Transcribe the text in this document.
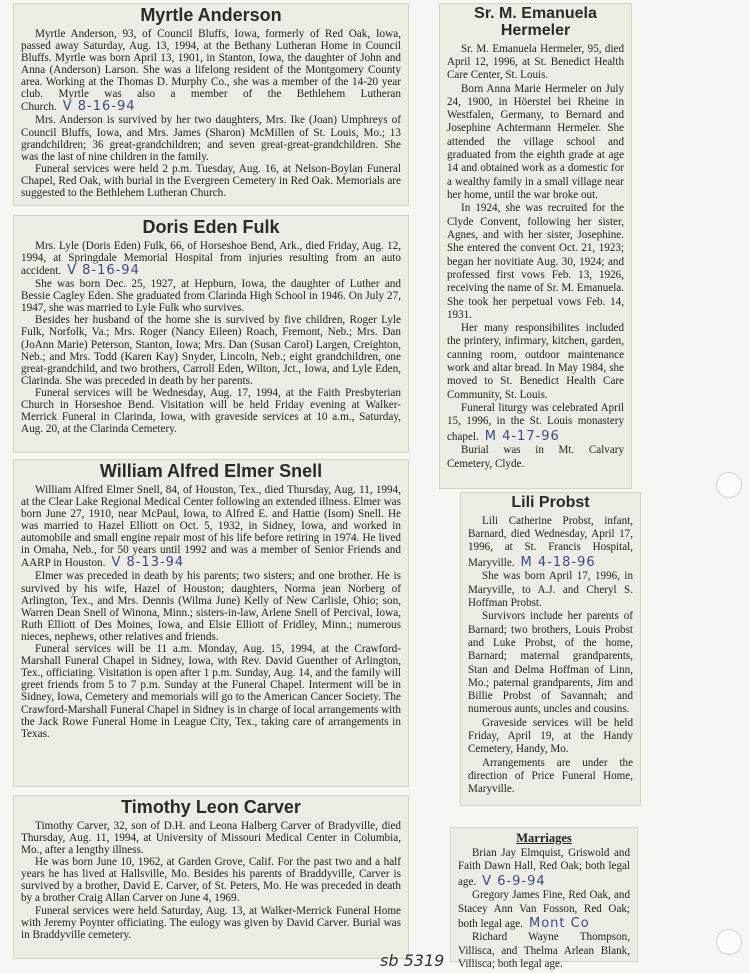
Myrtle Anderson

Myrtle Anderson, 93, of Council Bluffs, Iowa, formerly of Red Oak, Iowa, passed away Saturday, Aug. 13, 1994, at the Bethany Lutheran Home in Council Bluffs. Myrtle was born April 13, 1901, in Stanton, Iowa, the daughter of John and Anna (Anderson) Larson. She was a lifelong resident of the Montgomery County area. Working at the Thomas D. Murphy Co., she was a member of the 14-20 year club. Myrtle was also a member of the Bethlehem Lutheran Church. V 8-16-94

Mrs. Anderson is survived by her two daughters, Mrs. Ike (Joan) Umphreys of Council Bluffs, Iowa, and Mrs. James (Sharon) McMillen of St. Louis, Mo.; 13 grandchildren; 36 great-grandchildren; and seven great-great-grandchildren. She was the last of nine children in the family.

Funeral services were held 2 p.m. Tuesday, Aug. 16, at Nelson-Boylan Funeral Chapel, Red Oak, with burial in the Evergreen Cemetery in Red Oak. Memorials are suggested to the Bethlehem Lutheran Church.

Doris Eden Fulk

Mrs. Lyle (Doris Eden) Fulk, 66, of Horseshoe Bend, Ark., died Friday, Aug. 12, 1994, at Springdale Memorial Hospital from injuries resulting from an auto accident. V 8-16-94

She was born Dec. 25, 1927, at Hepburn, Iowa, the daughter of Luther and Bessie Cagley Eden. She graduated from Clarinda High School in 1946. On July 27, 1947, she was married to Lyle Fulk who survives.

Besides her husband of the home she is survived by five children, Roger Lyle Fulk, Norfolk, Va.; Mrs. Roger (Nancy Eileen) Roach, Fremont, Neb.; Mrs. Dan (JoAnn Marie) Peterson, Stanton, Iowa; Mrs. Dan (Susan Carol) Largen, Creighton, Neb.; and Mrs. Todd (Karen Kay) Snyder, Lincoln, Neb.; eight grandchildren, one great-grandchild, and two brothers, Carroll Eden, Wilton, Jct., Iowa, and Lyle Eden, Clarinda. She was preceded in death by her parents.

Funeral services will be Wednesday, Aug. 17, 1994, at the Faith Presbyterian Church in Horseshoe Bend. Visitation will be held Friday evening at Walker-Merrick Funeral in Clarinda, Iowa, with graveside services at 10 a.m., Saturday, Aug. 20, at the Clarinda Cemetery.

William Alfred Elmer Snell

William Alfred Elmer Snell, 84, of Houston, Tex., died Thursday, Aug. 11, 1994, at the Clear Lake Regional Medical Center following an extended illness. Elmer was born June 27, 1910, near McPaul, Iowa, to Alfred E. and Hattie (Isom) Snell. He was married to Hazel Elliott on Oct. 5, 1932, in Sidney, Iowa, and worked in automobile and small engine repair most of his life before retiring in 1974. He lived in Omaha, Neb., for 50 years until 1992 and was a member of Senior Friends and AARP in Houston. V 8-13-94

Elmer was preceded in death by his parents; two sisters; and one brother. He is survived by his wife, Hazel of Houston; daughters, Norma jean Norberg of Arlington, Tex., and Mrs. Dennis (Wilma June) Kelly of New Carlisle, Ohio; son, Warren Dean Snell of Winona, Minn.; sisters-in-law, Arlene Snell of Percival, Iowa, Ruth Elliott of Des Moines, Iowa, and Elsie Elliott of Fridley, Minn.; numerous nieces, nephews, other relatives and friends.

Funeral services will be 11 a.m. Monday, Aug. 15, 1994, at the Crawford-Marshall Funeral Chapel in Sidney, Iowa, with Rev. David Guenther of Arlington, Tex., officiating. Visitation is open after 1 p.m. Sunday, Aug. 14, and the family will greet friends from 5 to 7 p.m. Sunday at the Funeral Chapel. Interment will be in Sidney, Iowa, Cemetery and memorials will go to the American Cancer Society. The Crawford-Marshall Funeral Chapel in Sidney is in charge of local arrangements with the Jack Rowe Funeral Home in League City, Tex., taking care of arrangements in Texas.

Timothy Leon Carver

Timothy Carver, 32, son of D.H. and Leona Halberg Carver of Bradyville, died Thursday, Aug. 11, 1994, at University of Missouri Medical Center in Columbia, Mo., after a lengthy illness.

He was born June 10, 1962, at Garden Grove, Calif. For the past two and a half years he has lived at Hallsville, Mo. Besides his parents of Braddyville, Carver is survived by a brother, David E. Carver, of St. Peters, Mo. He was preceded in death by a brother Craig Allan Carver on June 4, 1969.

Funeral services were held Saturday, Aug. 13, at Walker-Merrick Funeral Home with Jeremy Poynter officiating. The eulogy was given by David Carver. Burial was in Braddyville cemetery.

Sr. M. Emanuela
Hermeler

Sr. M. Emanuela Hermeler, 95, died April 12, 1996, at St. Benedict Health Care Center, St. Louis.

Born Anna Marie Hermeler on July 24, 1900, in Höerstel bei Rheine in Westfalen, Germany, to Bernard and Josephine Achtermann Hermeler. She attended the village school and graduated from the eighth grade at age 14 and obtained work as a domestic for a wealthy family in a small village near her home, until the war broke out.

In 1924, she was recruited for the Clyde Convent, following her sister, Agnes, and with her sister, Josephine. She entered the convent Oct. 21, 1923; began her novitiate Aug. 30, 1924; and professed first vows Feb. 13, 1926, receiving the name of Sr. M. Emanuela. She took her perpetual vows Feb. 14, 1931.

Her many responsibilites included the printery, infirmary, kitchen, garden, canning room, outdoor maintenance work and altar bread. In May 1984, she moved to St. Benedict Health Care Community, St. Louis.

Funeral liturgy was celebrated April 15, 1996, in the St. Louis monastery chapel. M 4-17-96

Burial was in Mt. Calvary Cemetery, Clyde.

Lili Probst

Lili Catherine Probst, infant, Barnard, died Wednesday, April 17, 1996, at St. Francis Hospital, Maryville. M 4-18-96

She was born April 17, 1996, in Maryville, to A.J. and Cheryl S. Hoffman Probst.

Survivors include her parents of Barnard; two brothers, Louis Probst and Luke Probst, of the home, Barnard; maternal grandparents, Stan and Delma Hoffman of Linn, Mo.; paternal grandparents, Jim and Billie Probst of Savannah; and numerous aunts, uncles and cousins.

Graveside services will be held Friday, April 19, at the Handy Cemetery, Handy, Mo.

Arrangements are under the direction of Price Funeral Home, Maryville.

Marriages

Brian Jay Elmquist, Griswold and Faith Dawn Hall, Red Oak; both legal age. V 6-9-94

Gregory James Fine, Red Oak, and Stacey Ann Van Fosson, Red Oak; both legal age. Mont Co

Richard Wayne Thompson, Villisca, and Thelma Arlean Blank, Villisca; both legal age.

sb 5319
